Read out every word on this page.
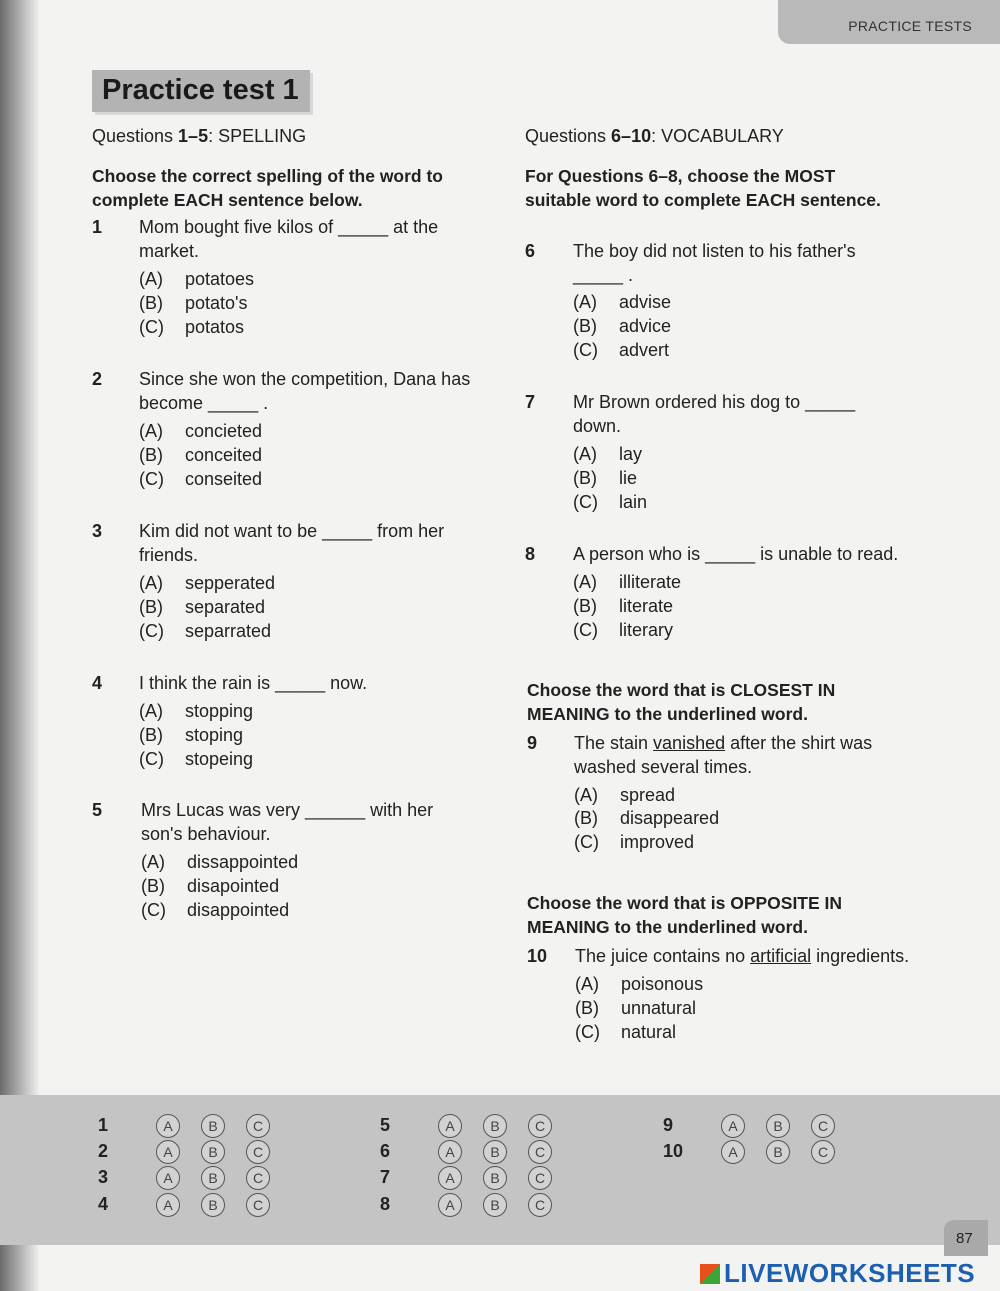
PRACTICE TESTS
Practice test 1
Questions 1–5: SPELLING
Choose the correct spelling of the word to complete EACH sentence below.
1 Mom bought five kilos of _____ at the market.
(A) potatoes
(B) potato's
(C) potatos
2 Since she won the competition, Dana has become _____ .
(A) concieted
(B) conceited
(C) conseited
3 Kim did not want to be _____ from her friends.
(A) sepperated
(B) separated
(C) separrated
4 I think the rain is _____ now.
(A) stopping
(B) stoping
(C) stopeing
5 Mrs Lucas was very ______ with her son's behaviour.
(A) dissappointed
(B) disapointed
(C) disappointed
Questions 6–10: VOCABULARY
For Questions 6–8, choose the MOST suitable word to complete EACH sentence.
6 The boy did not listen to his father's
_____ .
(A) advise
(B) advice
(C) advert
7 Mr Brown ordered his dog to _____ down.
(A) lay
(B) lie
(C) lain
8 A person who is _____ is unable to read.
(A) illiterate
(B) literate
(C) literary
Choose the word that is CLOSEST IN MEANING to the underlined word.
9 The stain vanished after the shirt was washed several times.
(A) spread
(B) disappeared
(C) improved
Choose the word that is OPPOSITE IN MEANING to the underlined word.
10 The juice contains no artificial ingredients.
(A) poisonous
(B) unnatural
(C) natural
1	A	B	C
2	A	B	C
3	A	B	C
4	A	B	C
5	A	B	C
6	A	B	C
7	A	B	C
8	A	B	C
9	A	B	C
10	A	B	C
87
LIVEWORKSHEETS
